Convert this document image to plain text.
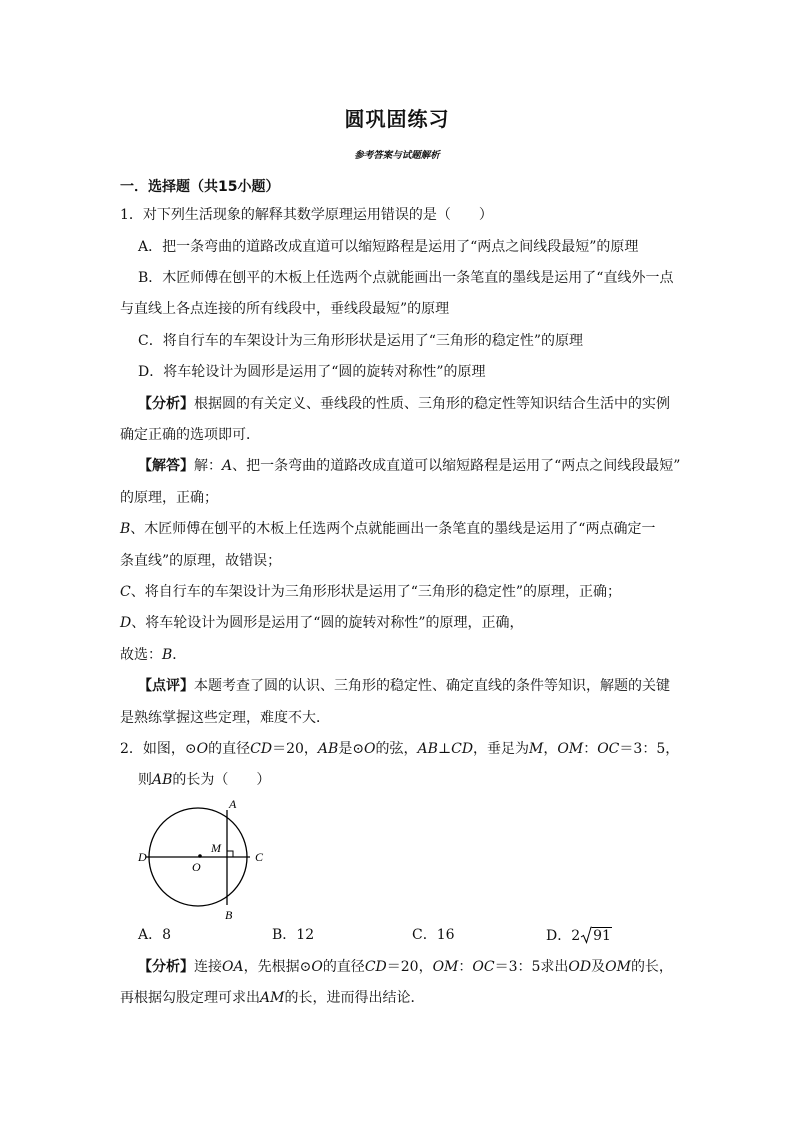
圆巩固练习
参考答案与试题解析
一．选择题（共15小题）
1．对下列生活现象的解释其数学原理运用错误的是（　　）
A．把一条弯曲的道路改成直道可以缩短路程是运用了“两点之间线段最短”的原理
B．木匠师傅在刨平的木板上任选两个点就能画出一条笔直的墨线是运用了“直线外一点
与直线上各点连接的所有线段中，垂线段最短”的原理
C．将自行车的车架设计为三角形形状是运用了“三角形的稳定性”的原理
D．将车轮设计为圆形是运用了“圆的旋转对称性”的原理
【分析】根据圆的有关定义、垂线段的性质、三角形的稳定性等知识结合生活中的实例
确定正确的选项即可．
【解答】解：A、把一条弯曲的道路改成直道可以缩短路程是运用了“两点之间线段最短”
的原理，正确；
B、木匠师傅在刨平的木板上任选两个点就能画出一条笔直的墨线是运用了“两点确定一
条直线”的原理，故错误；
C、将自行车的车架设计为三角形形状是运用了“三角形的稳定性”的原理，正确；
D、将车轮设计为圆形是运用了“圆的旋转对称性”的原理，正确，
故选：B．
【点评】本题考查了圆的认识、三角形的稳定性、确定直线的条件等知识，解题的关键
是熟练掌握这些定理，难度不大．
2．如图，⊙O的直径CD＝20，AB是⊙O的弦，AB⊥CD，垂足为M，OM：OC＝3：5，
则AB的长为（　　）
A
B
C
D
M
O
A．8	B．12	C．16	D．2 91
【分析】连接OA，先根据⊙O的直径CD＝20，OM：OC＝3：5求出OD及OM的长，
再根据勾股定理可求出AM的长，进而得出结论．
